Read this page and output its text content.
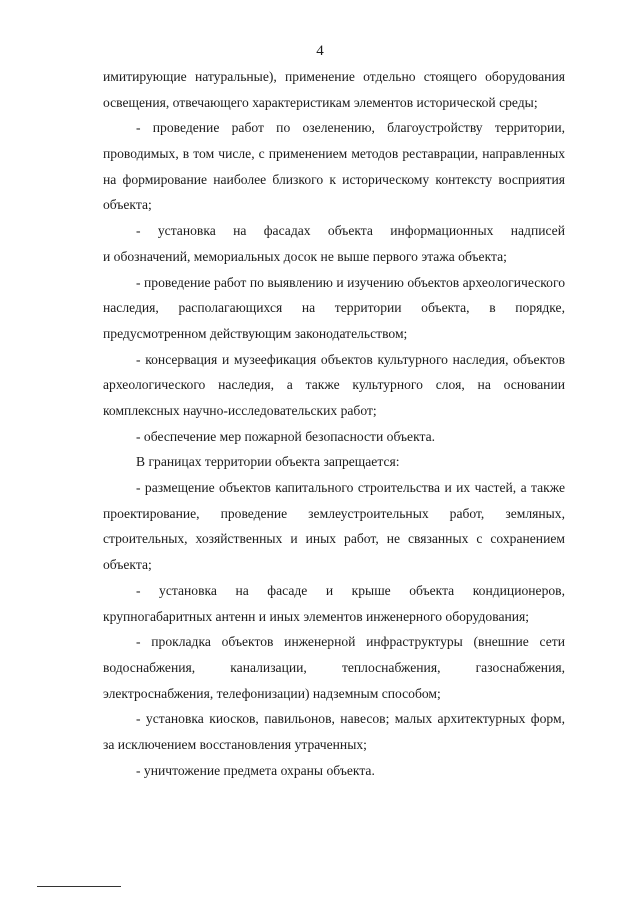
4
имитирующие натуральные), применение отдельно стоящего оборудования
освещения, отвечающего характеристикам элементов исторической среды;
- проведение работ по озеленению, благоустройству территории,
проводимых, в том числе, с применением методов реставрации, направленных
на формирование наиболее близкого к историческому контексту восприятия
объекта;
- установка на фасадах объекта информационных надписей
и обозначений, мемориальных досок не выше первого этажа объекта;
- проведение работ по выявлению и изучению объектов археологического
наследия, располагающихся на территории объекта, в порядке,
предусмотренном действующим законодательством;
- консервация и музеефикация объектов культурного наследия, объектов
археологического наследия, а также культурного слоя, на основании
комплексных научно-исследовательских работ;
- обеспечение мер пожарной безопасности объекта.
В границах территории объекта запрещается:
- размещение объектов капитального строительства и их частей, а также
проектирование, проведение землеустроительных работ, земляных,
строительных, хозяйственных и иных работ, не связанных с сохранением
объекта;
- установка на фасаде и крыше объекта кондиционеров,
крупногабаритных антенн и иных элементов инженерного оборудования;
- прокладка объектов инженерной инфраструктуры (внешние сети
водоснабжения, канализации, теплоснабжения, газоснабжения,
электроснабжения, телефонизации) надземным способом;
- установка киосков, павильонов, навесов; малых архитектурных форм,
за исключением восстановления утраченных;
- уничтожение предмета охраны объекта.
